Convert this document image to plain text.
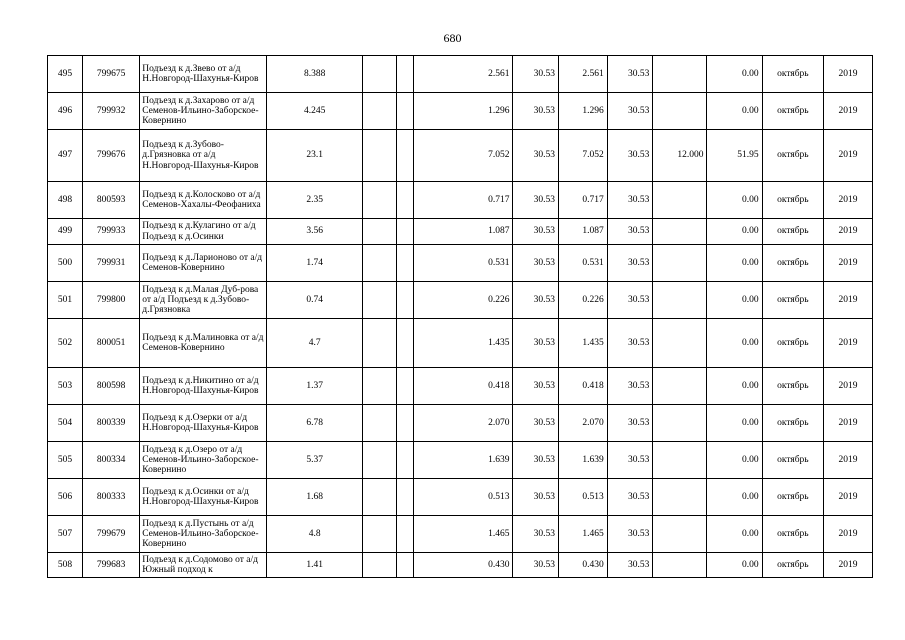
680
495	799675	Подъезд к д.Звево от а/д Н.Новгород-Шахунья-Киров	8.388			2.561	30.53	2.561	30.53		0.00	октябрь	2019
496	799932	Подъезд к д.Захарово от а/д Семенов-Ильино-Заборское-Ковернино	4.245			1.296	30.53	1.296	30.53		0.00	октябрь	2019
497	799676	Подъезд к д.Зубово-д.Грязновка от а/д Н.Новгород-Шахунья-Киров	23.1			7.052	30.53	7.052	30.53	12.000	51.95	октябрь	2019
498	800593	Подъезд к д.Колосково от а/д Семенов-Хахалы-Феофаниха	2.35			0.717	30.53	0.717	30.53		0.00	октябрь	2019
499	799933	Подъезд к д.Кулагино от а/д Подъезд к д.Осинки	3.56			1.087	30.53	1.087	30.53		0.00	октябрь	2019
500	799931	Подъезд к д.Ларионово от а/д Семенов-Ковернино	1.74			0.531	30.53	0.531	30.53		0.00	октябрь	2019
501	799800	Подъезд к д.Малая Дуб-рова от а/д Подъезд к д.Зубово-д.Грязновка	0.74			0.226	30.53	0.226	30.53		0.00	октябрь	2019
502	800051	Подъезд к д.Малиновка от а/д Семенов-Ковернино	4.7			1.435	30.53	1.435	30.53		0.00	октябрь	2019
503	800598	Подъезд к д.Никитино от а/д Н.Новгород-Шахунья-Киров	1.37			0.418	30.53	0.418	30.53		0.00	октябрь	2019
504	800339	Подъезд к д.Озерки от а/д Н.Новгород-Шахунья-Киров	6.78			2.070	30.53	2.070	30.53		0.00	октябрь	2019
505	800334	Подъезд к д.Озеро от а/д Семенов-Ильино-Заборское-Ковернино	5.37			1.639	30.53	1.639	30.53		0.00	октябрь	2019
506	800333	Подъезд к д.Осинки от а/д Н.Новгород-Шахунья-Киров	1.68			0.513	30.53	0.513	30.53		0.00	октябрь	2019
507	799679	Подъезд к д.Пустынь от а/д Семенов-Ильино-Заборское-Ковернино	4.8			1.465	30.53	1.465	30.53		0.00	октябрь	2019
508	799683	Подъезд к д.Содомово от а/д Южный подход к	1.41			0.430	30.53	0.430	30.53		0.00	октябрь	2019
